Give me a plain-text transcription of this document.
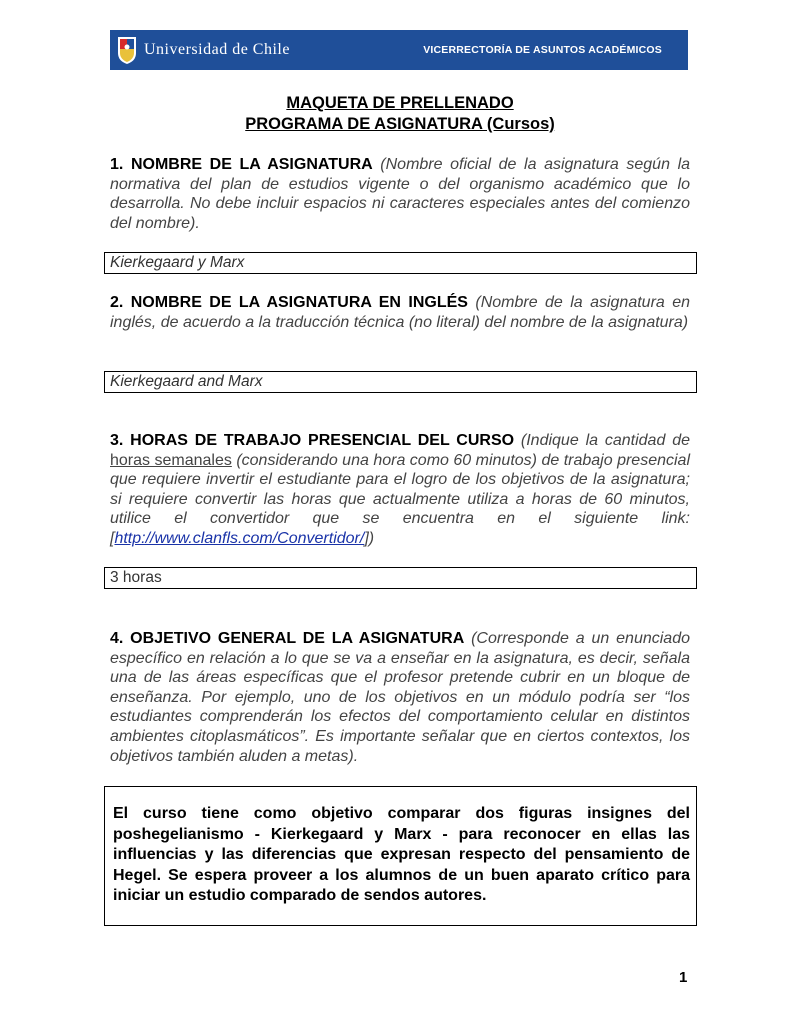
Universidad de Chile	VICERRECTORÍA DE ASUNTOS ACADÉMICOS
MAQUETA DE PRELLENADO
PROGRAMA DE ASIGNATURA (Cursos)
1. NOMBRE DE LA ASIGNATURA (Nombre oficial de la asignatura según la normativa del plan de estudios vigente o del organismo académico que lo desarrolla. No debe incluir espacios ni caracteres especiales antes del comienzo del nombre).
Kierkegaard y Marx
2. NOMBRE DE LA ASIGNATURA EN INGLÉS (Nombre de la asignatura en inglés, de acuerdo a la traducción técnica (no literal) del nombre de la asignatura)
Kierkegaard and Marx
3. HORAS DE TRABAJO PRESENCIAL DEL CURSO (Indique la cantidad de horas semanales (considerando una hora como 60 minutos) de trabajo presencial que requiere invertir el estudiante para el logro de los objetivos de la asignatura; si requiere convertir las horas que actualmente utiliza a horas de 60 minutos, utilice el convertidor que se encuentra en el siguiente link: [http://www.clanfls.com/Convertidor/])
3 horas
4. OBJETIVO GENERAL DE LA ASIGNATURA (Corresponde a un enunciado específico en relación a lo que se va a enseñar en la asignatura, es decir, señala una de las áreas específicas que el profesor pretende cubrir en un bloque de enseñanza. Por ejemplo, uno de los objetivos en un módulo podría ser “los estudiantes comprenderán los efectos del comportamiento celular en distintos ambientes citoplasmáticos”. Es importante señalar que en ciertos contextos, los objetivos también aluden a metas).
El curso tiene como objetivo comparar dos figuras insignes del poshegelianismo - Kierkegaard y Marx - para reconocer en ellas las influencias y las diferencias que expresan respecto del pensamiento de Hegel. Se espera proveer a los alumnos de un buen aparato crítico para iniciar un estudio comparado de sendos autores.
1
